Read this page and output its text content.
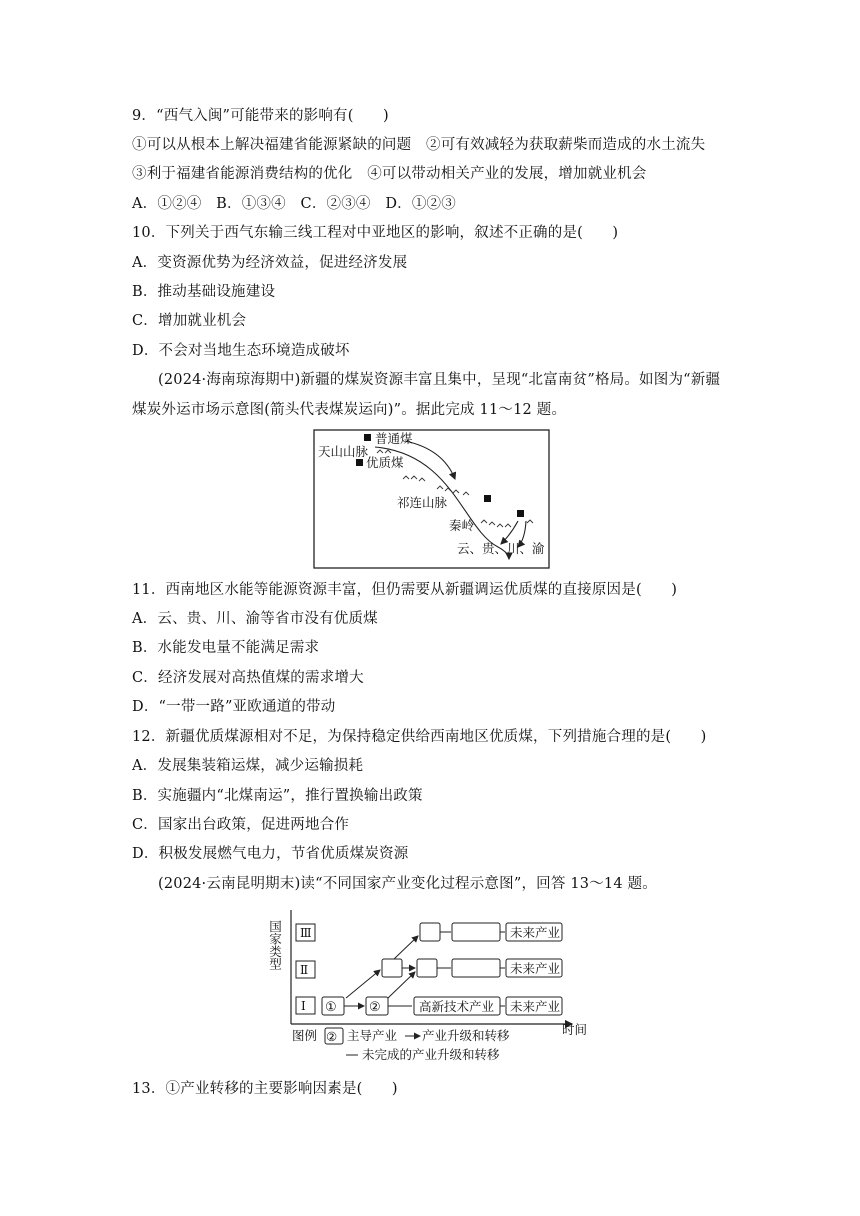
9．“西气入闽”可能带来的影响有(　　)
①可以从根本上解决福建省能源紧缺的问题　②可有效减轻为获取薪柴而造成的水土流失
③利于福建省能源消费结构的优化　④可以带动相关产业的发展，增加就业机会
A．①②④　B．①③④　C．②③④　D．①②③
10．下列关于西气东输三线工程对中亚地区的影响，叙述不正确的是(　　)
A．变资源优势为经济效益，促进经济发展
B．推动基础设施建设
C．增加就业机会
D．不会对当地生态环境造成破坏
(2024·海南琼海期中)新疆的煤炭资源丰富且集中，呈现“北富南贫”格局。如图为“新疆
煤炭外运市场示意图(箭头代表煤炭运向)”。据此完成 11～12 题。
普通煤
天山山脉
优质煤
祁连山脉
秦岭
云、贵、川、渝
11．西南地区水能等能源资源丰富，但仍需要从新疆调运优质煤的直接原因是(　　)
A．云、贵、川、渝等省市没有优质煤
B．水能发电量不能满足需求
C．经济发展对高热值煤的需求增大
D．“一带一路”亚欧通道的带动
12．新疆优质煤源相对不足，为保持稳定供给西南地区优质煤，下列措施合理的是(　　)
A．发展集装箱运煤，减少运输损耗
B．实施疆内“北煤南运”，推行置换输出政策
C．国家出台政策，促进两地合作
D．积极发展燃气电力，节省优质煤炭资源
(2024·云南昆明期末)读“不同国家产业变化过程示意图”，回答 13～14 题。
国家类型
时间
Ⅲ
Ⅱ
Ⅰ ① ②	高新技术产业 未来产业
未来产业
未来产业
图例 ② 主导产业 产业升级和转移
未完成的产业升级和转移
13．①产业转移的主要影响因素是(　　)
